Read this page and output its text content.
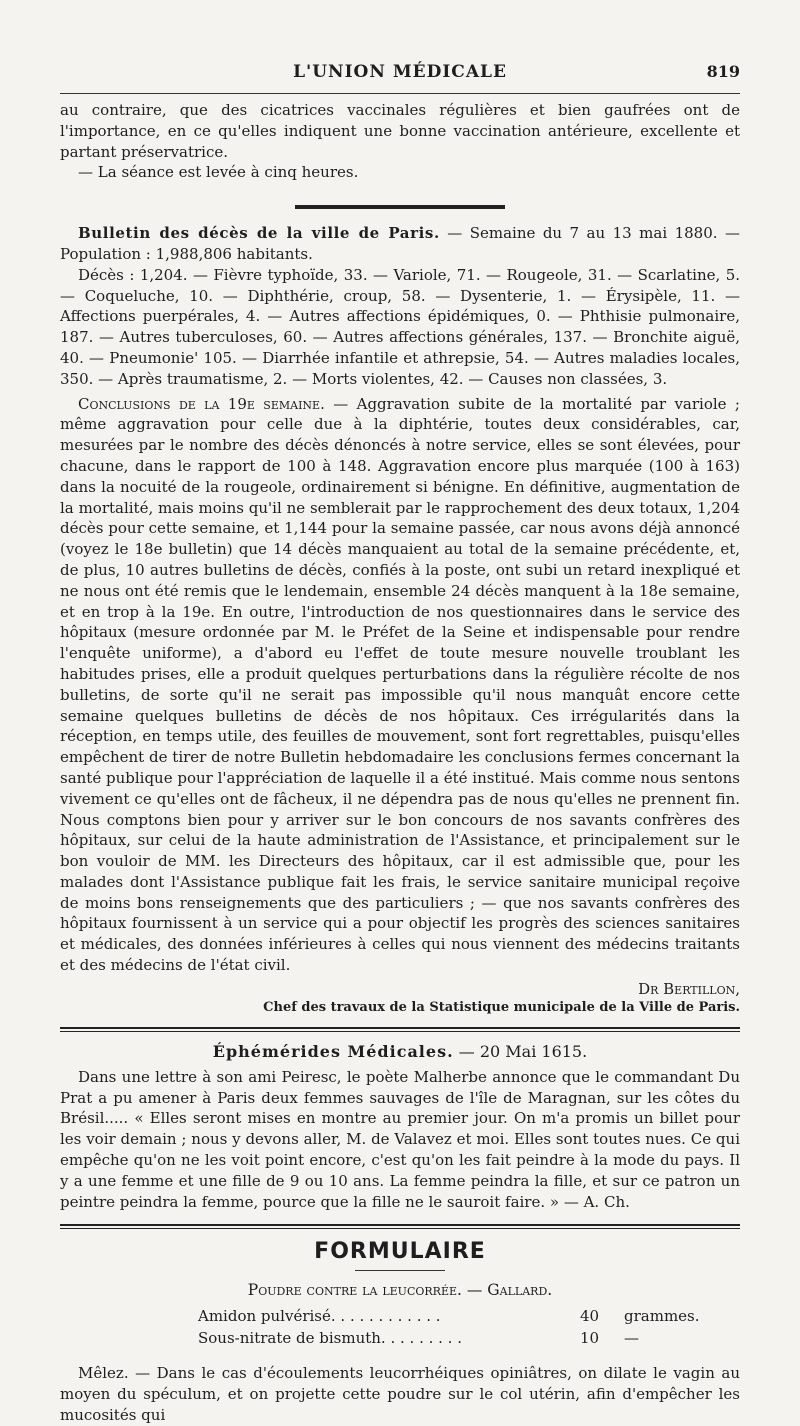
L'UNION MÉDICALE	819

au contraire, que des cicatrices vaccinales régulières et bien gaufrées ont de l'importance, en ce qu'elles indiquent une bonne vaccination antérieure, excellente et partant préservatrice.

— La séance est levée à cinq heures.

Bulletin des décès de la ville de Paris. — Semaine du 7 au 13 mai 1880. — Population : 1,988,806 habitants.

Décès : 1,204. — Fièvre typhoïde, 33. — Variole, 71. — Rougeole, 31. — Scarlatine, 5. — Coqueluche, 10. — Diphthérie, croup, 58. — Dysenterie, 1. — Érysipèle, 11. — Affections puerpérales, 4. — Autres affections épidémiques, 0. — Phthisie pulmonaire, 187. — Autres tuberculoses, 60. — Autres affections générales, 137. — Bronchite aiguë, 40. — Pneumonie' 105. — Diarrhée infantile et athrepsie, 54. — Autres maladies locales, 350. — Après traumatisme, 2. — Morts violentes, 42. — Causes non classées, 3.

Conclusions de la 19e semaine. — Aggravation subite de la mortalité par variole ; même aggravation pour celle due à la diphtérie, toutes deux considérables, car, mesurées par le nombre des décès dénoncés à notre service, elles se sont élevées, pour chacune, dans le rapport de 100 à 148. Aggravation encore plus marquée (100 à 163) dans la nocuité de la rougeole, ordinairement si bénigne. En définitive, augmentation de la mortalité, mais moins qu'il ne semblerait par le rapprochement des deux totaux, 1,204 décès pour cette semaine, et 1,144 pour la semaine passée, car nous avons déjà annoncé (voyez le 18e bulletin) que 14 décès manquaient au total de la semaine précédente, et, de plus, 10 autres bulletins de décès, confiés à la poste, ont subi un retard inexpliqué et ne nous ont été remis que le lendemain, ensemble 24 décès manquent à la 18e semaine, et en trop à la 19e. En outre, l'introduction de nos questionnaires dans le service des hôpitaux (mesure ordonnée par M. le Préfet de la Seine et indispensable pour rendre l'enquête uniforme), a d'abord eu l'effet de toute mesure nouvelle troublant les habitudes prises, elle a produit quelques perturbations dans la régulière récolte de nos bulletins, de sorte qu'il ne serait pas impossible qu'il nous manquât encore cette semaine quelques bulletins de décès de nos hôpitaux. Ces irrégularités dans la réception, en temps utile, des feuilles de mouvement, sont fort regrettables, puisqu'elles empêchent de tirer de notre Bulletin hebdomadaire les conclusions fermes concernant la santé publique pour l'appréciation de laquelle il a été institué. Mais comme nous sentons vivement ce qu'elles ont de fâcheux, il ne dépendra pas de nous qu'elles ne prennent fin. Nous comptons bien pour y arriver sur le bon concours de nos savants confrères des hôpitaux, sur celui de la haute administration de l'Assistance, et principalement sur le bon vouloir de MM. les Directeurs des hôpitaux, car il est admissible que, pour les malades dont l'Assistance publique fait les frais, le service sanitaire municipal reçoive de moins bons renseignements que des particuliers ; — que nos savants confrères des hôpitaux fournissent à un service qui a pour objectif les progrès des sciences sanitaires et médicales, des données inférieures à celles qui nous viennent des médecins traitants et des médecins de l'état civil.

Dr Bertillon,
Chef des travaux de la Statistique municipale de la Ville de Paris.
Éphémérides Médicales. — 20 Mai 1615.

Dans une lettre à son ami Peiresc, le poète Malherbe annonce que le commandant Du Prat a pu amener à Paris deux femmes sauvages de l'île de Maragnan, sur les côtes du Brésil..... « Elles seront mises en montre au premier jour. On m'a promis un billet pour les voir demain ; nous y devons aller, M. de Valavez et moi. Elles sont toutes nues. Ce qui empêche qu'on ne les voit point encore, c'est qu'on les fait peindre à la mode du pays. Il y a une femme et une fille de 9 ou 10 ans. La femme peindra la fille, et sur ce patron un peintre peindra la femme, pource que la fille ne le sauroit faire. » — A. Ch.

FORMULAIRE
Poudre contre la leucorrée. — Gallard.
Amidon pulvérisé. . . . . . . . . . . .	40 grammes.
Sous-nitrate de bismuth. . . . . . . . .	10 —

Mêlez. — Dans le cas d'écoulements leucorrhéiques opiniâtres, on dilate le vagin au moyen du spéculum, et on projette cette poudre sur le col utérin, afin d'empêcher les mucosités qui
